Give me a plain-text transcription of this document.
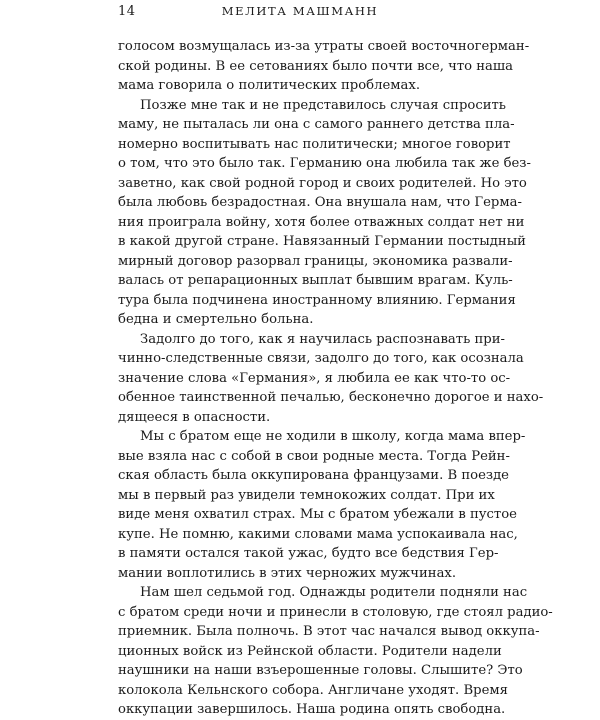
14	МЕЛИТА МАШМАНН

голосом возмущалась из-за утраты своей восточногерман-
ской родины. В ее сетованиях было почти все, что наша
мама говорила о политических проблемах.

Позже мне так и не представилось случая спросить
маму, не пыталась ли она с самого раннего детства пла-
номерно воспитывать нас политически; многое говорит
о том, что это было так. Германию она любила так же без-
заветно, как свой родной город и своих родителей. Но это
была любовь безрадостная. Она внушала нам, что Герма-
ния проиграла войну, хотя более отважных солдат нет ни
в какой другой стране. Навязанный Германии постыдный
мирный договор разорвал границы, экономика развали-
валась от репарационных выплат бывшим врагам. Куль-
тура была подчинена иностранному влиянию. Германия
бедна и смертельно больна.

Задолго до того, как я научилась распознавать при-
чинно-следственные связи, задолго до того, как осознала
значение слова «Германия», я любила ее как что-то ос-
обенное таинственной печалью, бесконечно дорогое и нахо-
дящееся в опасности.

Мы с братом еще не ходили в школу, когда мама впер-
вые взяла нас с собой в свои родные места. Тогда Рейн-
ская область была оккупирована французами. В поезде
мы в первый раз увидели темнокожих солдат. При их
виде меня охватил страх. Мы с братом убежали в пустое
купе. Не помню, какими словами мама успокаивала нас,
в памяти остался такой ужас, будто все бедствия Гер-
мании воплотились в этих черножих мужчинах.

Нам шел седьмой год. Однажды родители подняли нас
с братом среди ночи и принесли в столовую, где стоял радио-
приемник. Была полночь. В этот час начался вывод оккупа-
ционных войск из Рейнской области. Родители надели
наушники на наши взъерошенные головы. Слышите? Это
колокола Кельнского собора. Англичане уходят. Время
оккупации завершилось. Наша родина опять свободна.
